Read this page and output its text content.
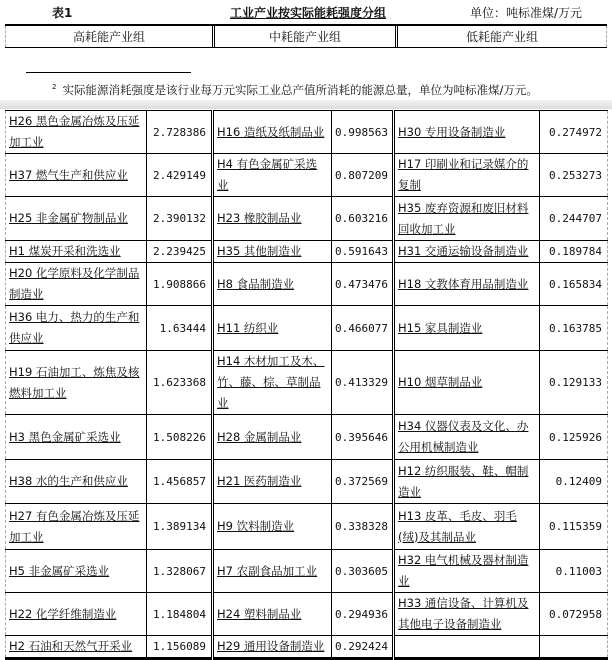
表1	工业产业按实际能耗强度分组	单位：吨标准煤/万元
高耗能产业组	中耗能产业组	低耗能产业组
$^2$ 实际能源消耗强度是该行业每万元实际工业总产值所消耗的能源总量，单位为吨标准煤/万元。
H26 黑色金属冶炼及压延加工业	2.728386	H16 造纸及纸制品业	0.998563	H30 专用设备制造业	0.274972
H37 燃气生产和供应业	2.429149	H4 有色金属矿采选业	0.807209	H17 印刷业和记录媒介的复制	0.253273
H25 非金属矿物制品业	2.390132	H23 橡胶制品业	0.603216	H35 废弃资源和废旧材料回收加工业	0.244707
H1 煤炭开采和洗选业	2.239425	H35 其他制造业	0.591643	H31 交通运输设备制造业	0.189784
H20 化学原料及化学制品制造业	1.908866	H8 食品制造业	0.473476	H18 文教体育用品制造业	0.165834
H36 电力、热力的生产和供应业	1.63444	H11 纺织业	0.466077	H15 家具制造业	0.163785
H19 石油加工、炼焦及核燃料加工业	1.623368	H14 木材加工及木、竹、藤、棕、草制品业	0.413329	H10 烟草制品业	0.129133
H3 黑色金属矿采选业	1.508226	H28 金属制品业	0.395646	H34 仪器仪表及文化、办公用机械制造业	0.125926
H38 水的生产和供应业	1.456857	H21 医药制造业	0.372569	H12 纺织服装、鞋、帽制造业	0.12409
H27 有色金属冶炼及压延加工业	1.389134	H9 饮料制造业	0.338328	H13 皮革、毛皮、羽毛(绒)及其制品业	0.115359
H5 非金属矿采选业	1.328067	H7 农副食品加工业	0.303605	H32 电气机械及器材制造业	0.11003
H22 化学纤维制造业	1.184804	H24 塑料制品业	0.294936	H33 通信设备、计算机及其他电子设备制造业	0.072958
H2 石油和天然气开采业	1.156089	H29 通用设备制造业	0.292424		
